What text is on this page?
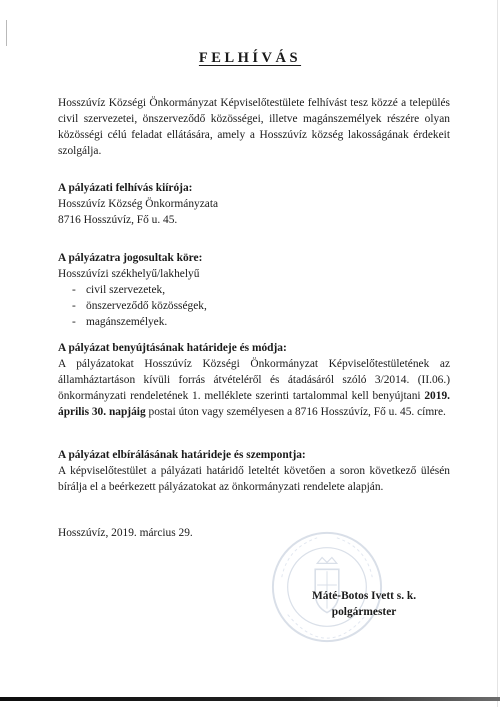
FELHÍVÁS
Hosszúvíz Községi Önkormányzat Képviselőtestülete felhívást tesz közzé a település civil szervezetei, önszerveződő közösségei, illetve magánszemélyek részére olyan közösségi célú feladat ellátására, amely a Hosszúvíz község lakosságának érdekeit szolgálja.
A pályázati felhívás kiírója:
Hosszúvíz Község Önkormányzata
8716 Hosszúvíz, Fő u. 45.
A pályázatra jogosultak köre:
Hosszúvízi székhelyű/lakhelyű
- civil szervezetek,
- önszerveződő közösségek,
- magánszemélyek.
A pályázat benyújtásának határideje és módja:
A pályázatokat Hosszúvíz Községi Önkormányzat Képviselőtestületének az államháztartáson kívüli forrás átvételéről és átadásáról szóló 3/2014. (II.06.) önkormányzati rendeletének 1. melléklete szerinti tartalommal kell benyújtani 2019. április 30. napjáig postai úton vagy személyesen a 8716 Hosszúvíz, Fő u. 45. címre.
A pályázat elbírálásának határideje és szempontja:
A képviselőtestület a pályázati határidő leteltét követően a soron következő ülésén bírálja el a beérkezett pályázatokat az önkormányzati rendelete alapján.
Hosszúvíz, 2019. március 29.
Máté-Botos Ivett s. k.
polgármester
